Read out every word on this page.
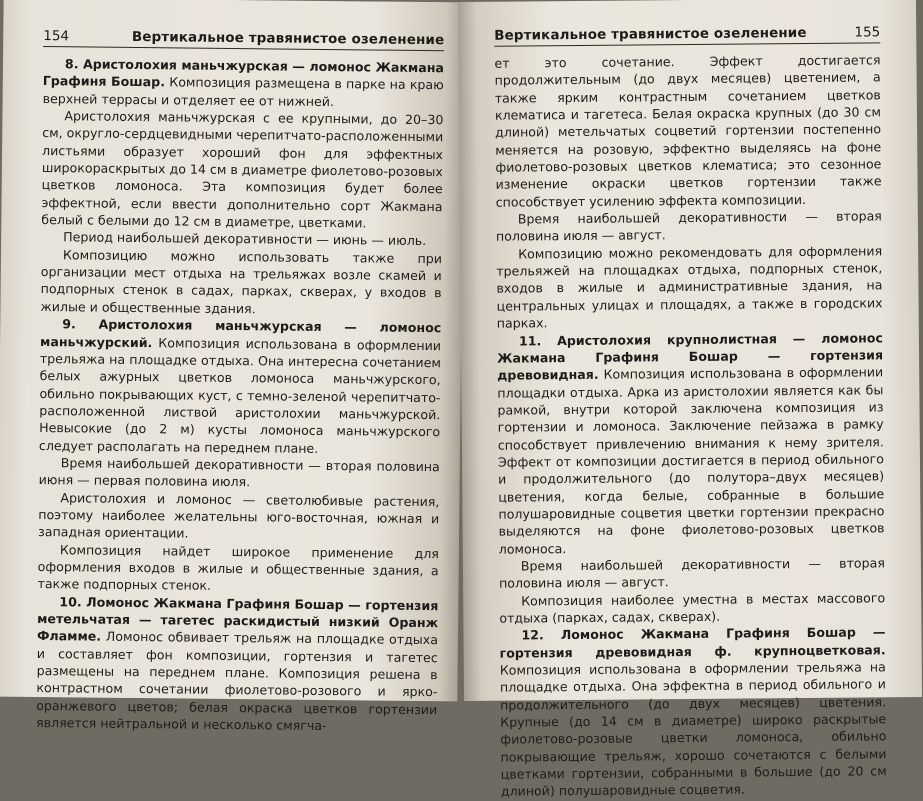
154	Вертикальное травянистое озеленение

8. Аристолохия маньчжурская — ломонос Жакмана Графиня Бошар. Композиция размещена в парке на краю верхней террасы и отделяет ее от нижней.

Аристолохия маньчжурская с ее крупными, до 20–30 см, округло-сердцевидными черепитчато-расположенными листьями образует хороший фон для эффектных широкораскрытых до 14 см в диаметре фиолетово-розовых цветков ломоноса. Эта композиция будет более эффектной, если ввести дополнительно сорт Жакмана белый с белыми до 12 см в диаметре, цветками.

Период наибольшей декоративности — июнь — июль.

Композицию можно использовать также при организации мест отдыха на трельяжах возле скамей и подпорных стенок в садах, парках, скверах, у входов в жилые и общественные здания.

9. Аристолохия маньчжурская — ломонос маньчжурский. Композиция использована в оформлении трельяжа на площадке отдыха. Она интересна сочетанием белых ажурных цветков ломоноса маньчжурского, обильно покрывающих куст, с темно-зеленой черепитчато-расположенной листвой аристолохии маньчжурской. Невысокие (до 2 м) кусты ломоноса маньчжурского следует располагать на переднем плане.

Время наибольшей декоративности — вторая половина июня — первая половина июля.

Аристолохия и ломонос — светолюбивые растения, поэтому наиболее желательны юго-восточная, южная и западная ориентации.

Композиция найдет широкое применение для оформления входов в жилые и общественные здания, а также подпорных стенок.

10. Ломонос Жакмана Графиня Бошар — гортензия метельчатая — тагетес раскидистый низкий Оранж Фламме. Ломонос обвивает трельяж на площадке отдыха и составляет фон композиции, гортензия и тагетес размещены на переднем плане. Композиция решена в контрастном сочетании фиолетово-розового и ярко-оранжевого цветов; белая окраска цветков гортензии является нейтральной и несколько смягча-

Вертикальное травянистое озеленение	155

ет это сочетание. Эффект достигается продолжительным (до двух месяцев) цветением, а также ярким контрастным сочетанием цветков клематиса и тагетеса. Белая окраска крупных (до 30 см длиной) метельчатых соцветий гортензии постепенно меняется на розовую, эффектно выделяясь на фоне фиолетово-розовых цветков клематиса; это сезонное изменение окраски цветков гортензии также способствует усилению эффекта композиции.

Время наибольшей декоративности — вторая половина июля — август.

Композицию можно рекомендовать для оформления трельяжей на площадках отдыха, подпорных стенок, входов в жилые и административные здания, на центральных улицах и площадях, а также в городских парках.

11. Аристолохия крупнолистная — ломонос Жакмана Графиня Бошар — гортензия древовидная. Композиция использована в оформлении площадки отдыха. Арка из аристолохии является как бы рамкой, внутри которой заключена композиция из гортензии и ломоноса. Заключение пейзажа в рамку способствует привлечению внимания к нему зрителя. Эффект от композиции достигается в период обильного и продолжительного (до полутора–двух месяцев) цветения, когда белые, собранные в большие полушаровидные соцветия цветки гортензии прекрасно выделяются на фоне фиолетово-розовых цветков ломоноса.

Время наибольшей декоративности — вторая половина июля — август.

Композиция наиболее уместна в местах массового отдыха (парках, садах, скверах).

12. Ломонос Жакмана Графиня Бошар — гортензия древовидная ф. крупноцветковая. Композиция использована в оформлении трельяжа на площадке отдыха. Она эффектна в период обильного и продолжительного (до двух месяцев) цветения. Крупные (до 14 см в диаметре) широко раскрытые фиолетово-розовые цветки ломоноса, обильно покрывающие трельяж, хорошо сочетаются с белыми цветками гортензии, собранными в большие (до 20 см длиной) полушаровидные соцветия.
